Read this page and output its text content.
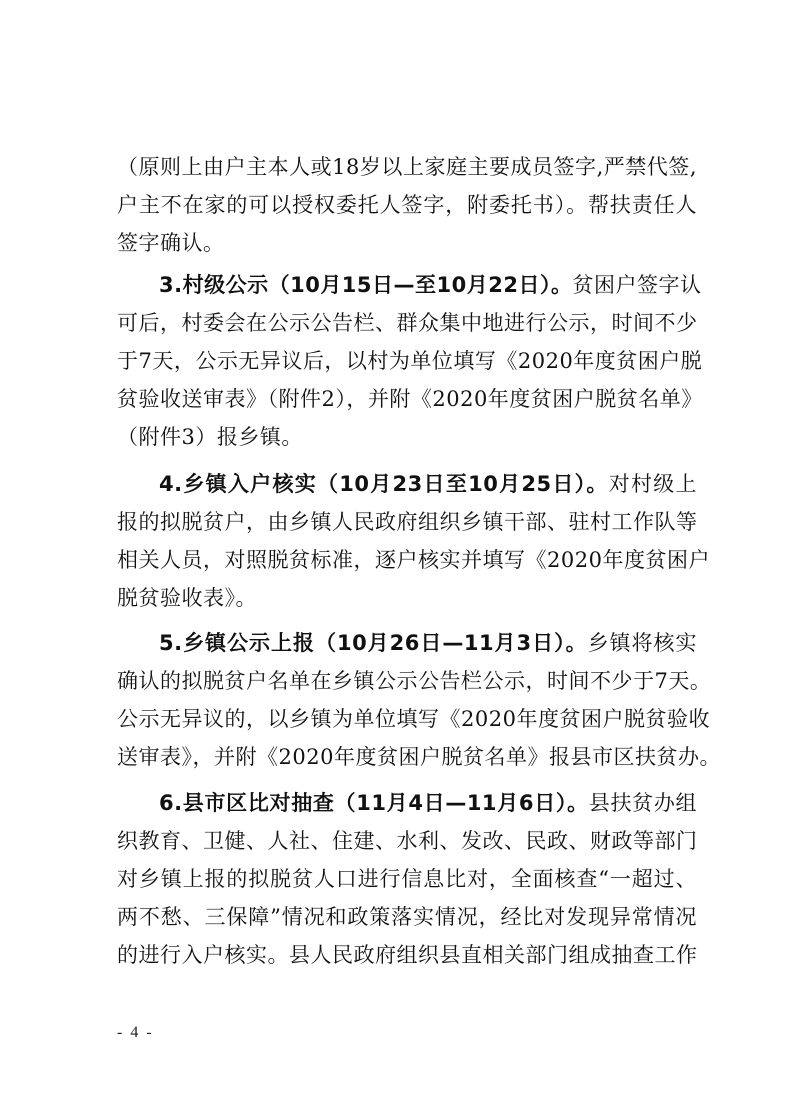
（原则上由户主本人或18岁以上家庭主要成员签字,严禁代签,
户主不在家的可以授权委托人签字，附委托书）。帮扶责任人
签字确认。
3.村级公示（10月15日—至10月22日）。贫困户签字认
可后，村委会在公示公告栏、群众集中地进行公示，时间不少
于7天，公示无异议后，以村为单位填写《2020年度贫困户脱
贫验收送审表》（附件2），并附《2020年度贫困户脱贫名单》
（附件3）报乡镇。
4.乡镇入户核实（10月23日至10月25日）。对村级上
报的拟脱贫户，由乡镇人民政府组织乡镇干部、驻村工作队等
相关人员，对照脱贫标准，逐户核实并填写《2020年度贫困户
脱贫验收表》。
5.乡镇公示上报（10月26日—11月3日）。乡镇将核实
确认的拟脱贫户名单在乡镇公示公告栏公示，时间不少于7天。
公示无异议的，以乡镇为单位填写《2020年度贫困户脱贫验收
送审表》，并附《2020年度贫困户脱贫名单》报县市区扶贫办。
6.县市区比对抽查（11月4日—11月6日）。县扶贫办组
织教育、卫健、人社、住建、水利、发改、民政、财政等部门
对乡镇上报的拟脱贫人口进行信息比对，全面核查“一超过、
两不愁、三保障”情况和政策落实情况，经比对发现异常情况
的进行入户核实。县人民政府组织县直相关部门组成抽查工作
- 4 -
